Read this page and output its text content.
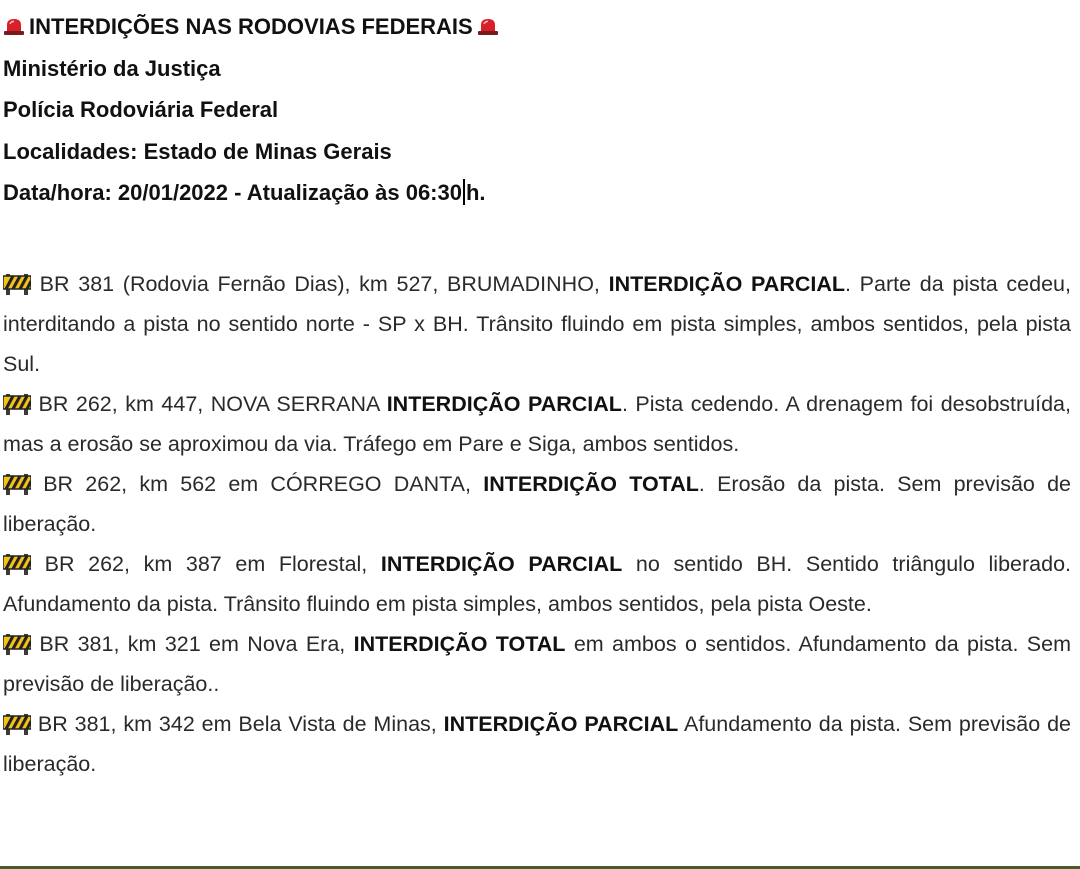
INTERDIÇÕES NAS RODOVIAS FEDERAIS
Ministério da Justiça
Polícia Rodoviária Federal
Localidades: Estado de Minas Gerais
Data/hora: 20/01/2022 - Atualização às 06:30 h.
BR 381 (Rodovia Fernão Dias), km 527, BRUMADINHO, INTERDIÇÃO PARCIAL. Parte da pista cedeu, interditando a pista no sentido norte - SP x BH. Trânsito fluindo em pista simples, ambos sentidos, pela pista Sul.
BR 262, km 447, NOVA SERRANA INTERDIÇÃO PARCIAL. Pista cedendo. A drenagem foi desobstruída, mas a erosão se aproximou da via. Tráfego em Pare e Siga, ambos sentidos.
BR 262, km 562 em CÓRREGO DANTA, INTERDIÇÃO TOTAL. Erosão da pista. Sem previsão de liberação.
BR 262, km 387 em Florestal, INTERDIÇÃO PARCIAL no sentido BH. Sentido triângulo liberado. Afundamento da pista. Trânsito fluindo em pista simples, ambos sentidos, pela pista Oeste.
BR 381, km 321 em Nova Era, INTERDIÇÃO TOTAL em ambos o sentidos. Afundamento da pista. Sem previsão de liberação..
BR 381, km 342 em Bela Vista de Minas, INTERDIÇÃO PARCIAL Afundamento da pista. Sem previsão de liberação.
